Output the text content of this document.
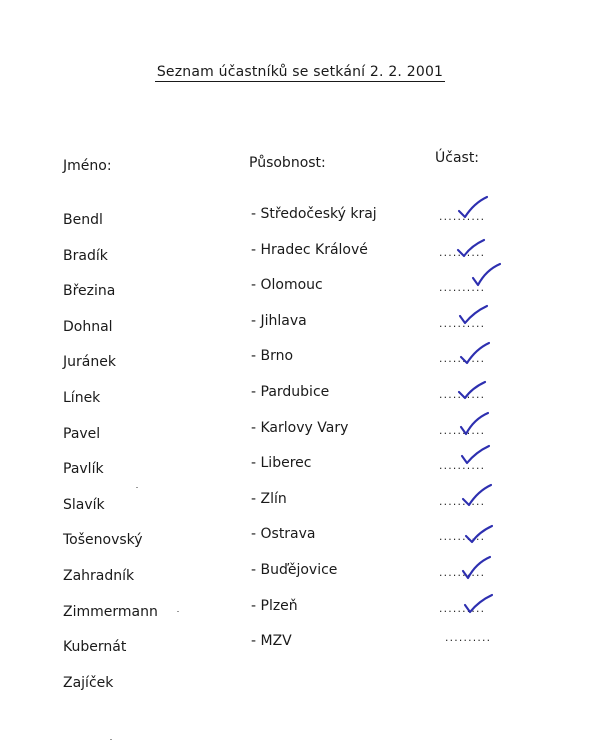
Seznam účastníků se setkání 2. 2. 2001
Jméno:	Působnost:	Účast:
Bendl	- Středočeský kraj	..........
Bradík	- Hradec Králové	..........
Březina	- Olomouc	..........
Dohnal	- Jihlava	..........
Juránek	- Brno	..........
Línek	- Pardubice	..........
Pavel	- Karlovy Vary	..........
Pavlík	- Liberec	..........
Slavík	- Zlín	..........
Tošenovský	- Ostrava	..........
Zahradník	- Buďějovice	..........
Zimmermann	- Plzeň	..........
Kubernát	- MZV	..........
Zajíček
